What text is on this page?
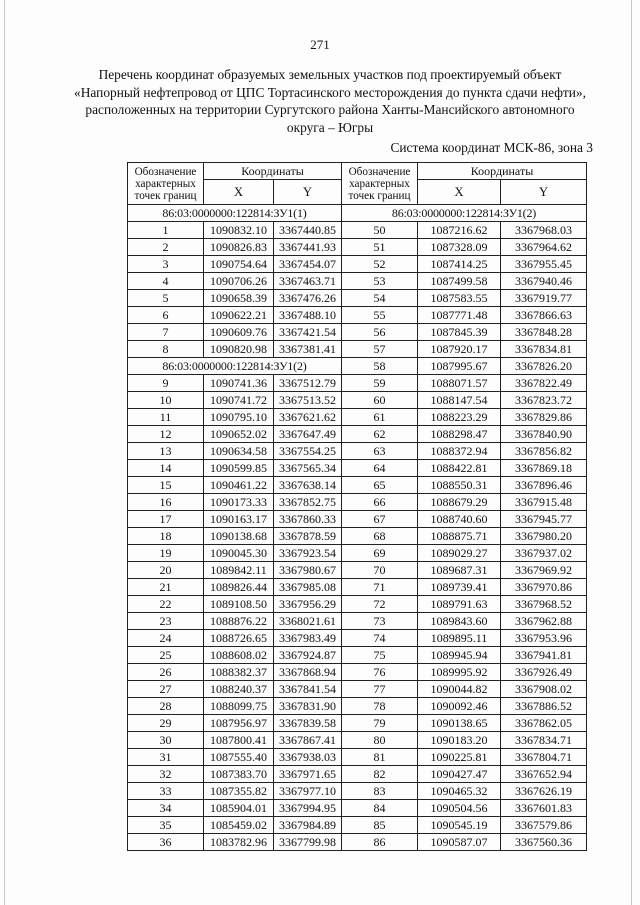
271
Перечень координат образуемых земельных участков под проектируемый объект
«Напорный нефтепровод от ЦПС Тортасинского месторождения до пункта сдачи нефти»,
расположенных на территории Сургутского района Ханты-Мансийского автономного
округа – Югры
Система координат МСК-86, зона 3
Обозначение характерных точек границ	Координаты		Обозначение характерных точек границ	Координаты	
	X	Y		X	Y
86:03:0000000:122814:ЗУ1(1)			86:03:0000000:122814:ЗУ1(2)		
1	1090832.10	3367440.85	50	1087216.62	3367968.03
2	1090826.83	3367441.93	51	1087328.09	3367964.62
3	1090754.64	3367454.07	52	1087414.25	3367955.45
4	1090706.26	3367463.71	53	1087499.58	3367940.46
5	1090658.39	3367476.26	54	1087583.55	3367919.77
6	1090622.21	3367488.10	55	1087771.48	3367866.63
7	1090609.76	3367421.54	56	1087845.39	3367848.28
8	1090820.98	3367381.41	57	1087920.17	3367834.81
86:03:0000000:122814:ЗУ1(2)			58	1087995.67	3367826.20
9	1090741.36	3367512.79	59	1088071.57	3367822.49
10	1090741.72	3367513.52	60	1088147.54	3367823.72
11	1090795.10	3367621.62	61	1088223.29	3367829.86
12	1090652.02	3367647.49	62	1088298.47	3367840.90
13	1090634.58	3367554.25	63	1088372.94	3367856.82
14	1090599.85	3367565.34	64	1088422.81	3367869.18
15	1090461.22	3367638.14	65	1088550.31	3367896.46
16	1090173.33	3367852.75	66	1088679.29	3367915.48
17	1090163.17	3367860.33	67	1088740.60	3367945.77
18	1090138.68	3367878.59	68	1088875.71	3367980.20
19	1090045.30	3367923.54	69	1089029.27	3367937.02
20	1089842.11	3367980.67	70	1089687.31	3367969.92
21	1089826.44	3367985.08	71	1089739.41	3367970.86
22	1089108.50	3367956.29	72	1089791.63	3367968.52
23	1088876.22	3368021.61	73	1089843.60	3367962.88
24	1088726.65	3367983.49	74	1089895.11	3367953.96
25	1088608.02	3367924.87	75	1089945.94	3367941.81
26	1088382.37	3367868.94	76	1089995.92	3367926.49
27	1088240.37	3367841.54	77	1090044.82	3367908.02
28	1088099.75	3367831.90	78	1090092.46	3367886.52
29	1087956.97	3367839.58	79	1090138.65	3367862.05
30	1087800.41	3367867.41	80	1090183.20	3367834.71
31	1087555.40	3367938.03	81	1090225.81	3367804.71
32	1087383.70	3367971.65	82	1090427.47	3367652.94
33	1087355.82	3367977.10	83	1090465.32	3367626.19
34	1085904.01	3367994.95	84	1090504.56	3367601.83
35	1085459.02	3367984.89	85	1090545.19	3367579.86
36	1083782.96	3367799.98	86	1090587.07	3367560.36
